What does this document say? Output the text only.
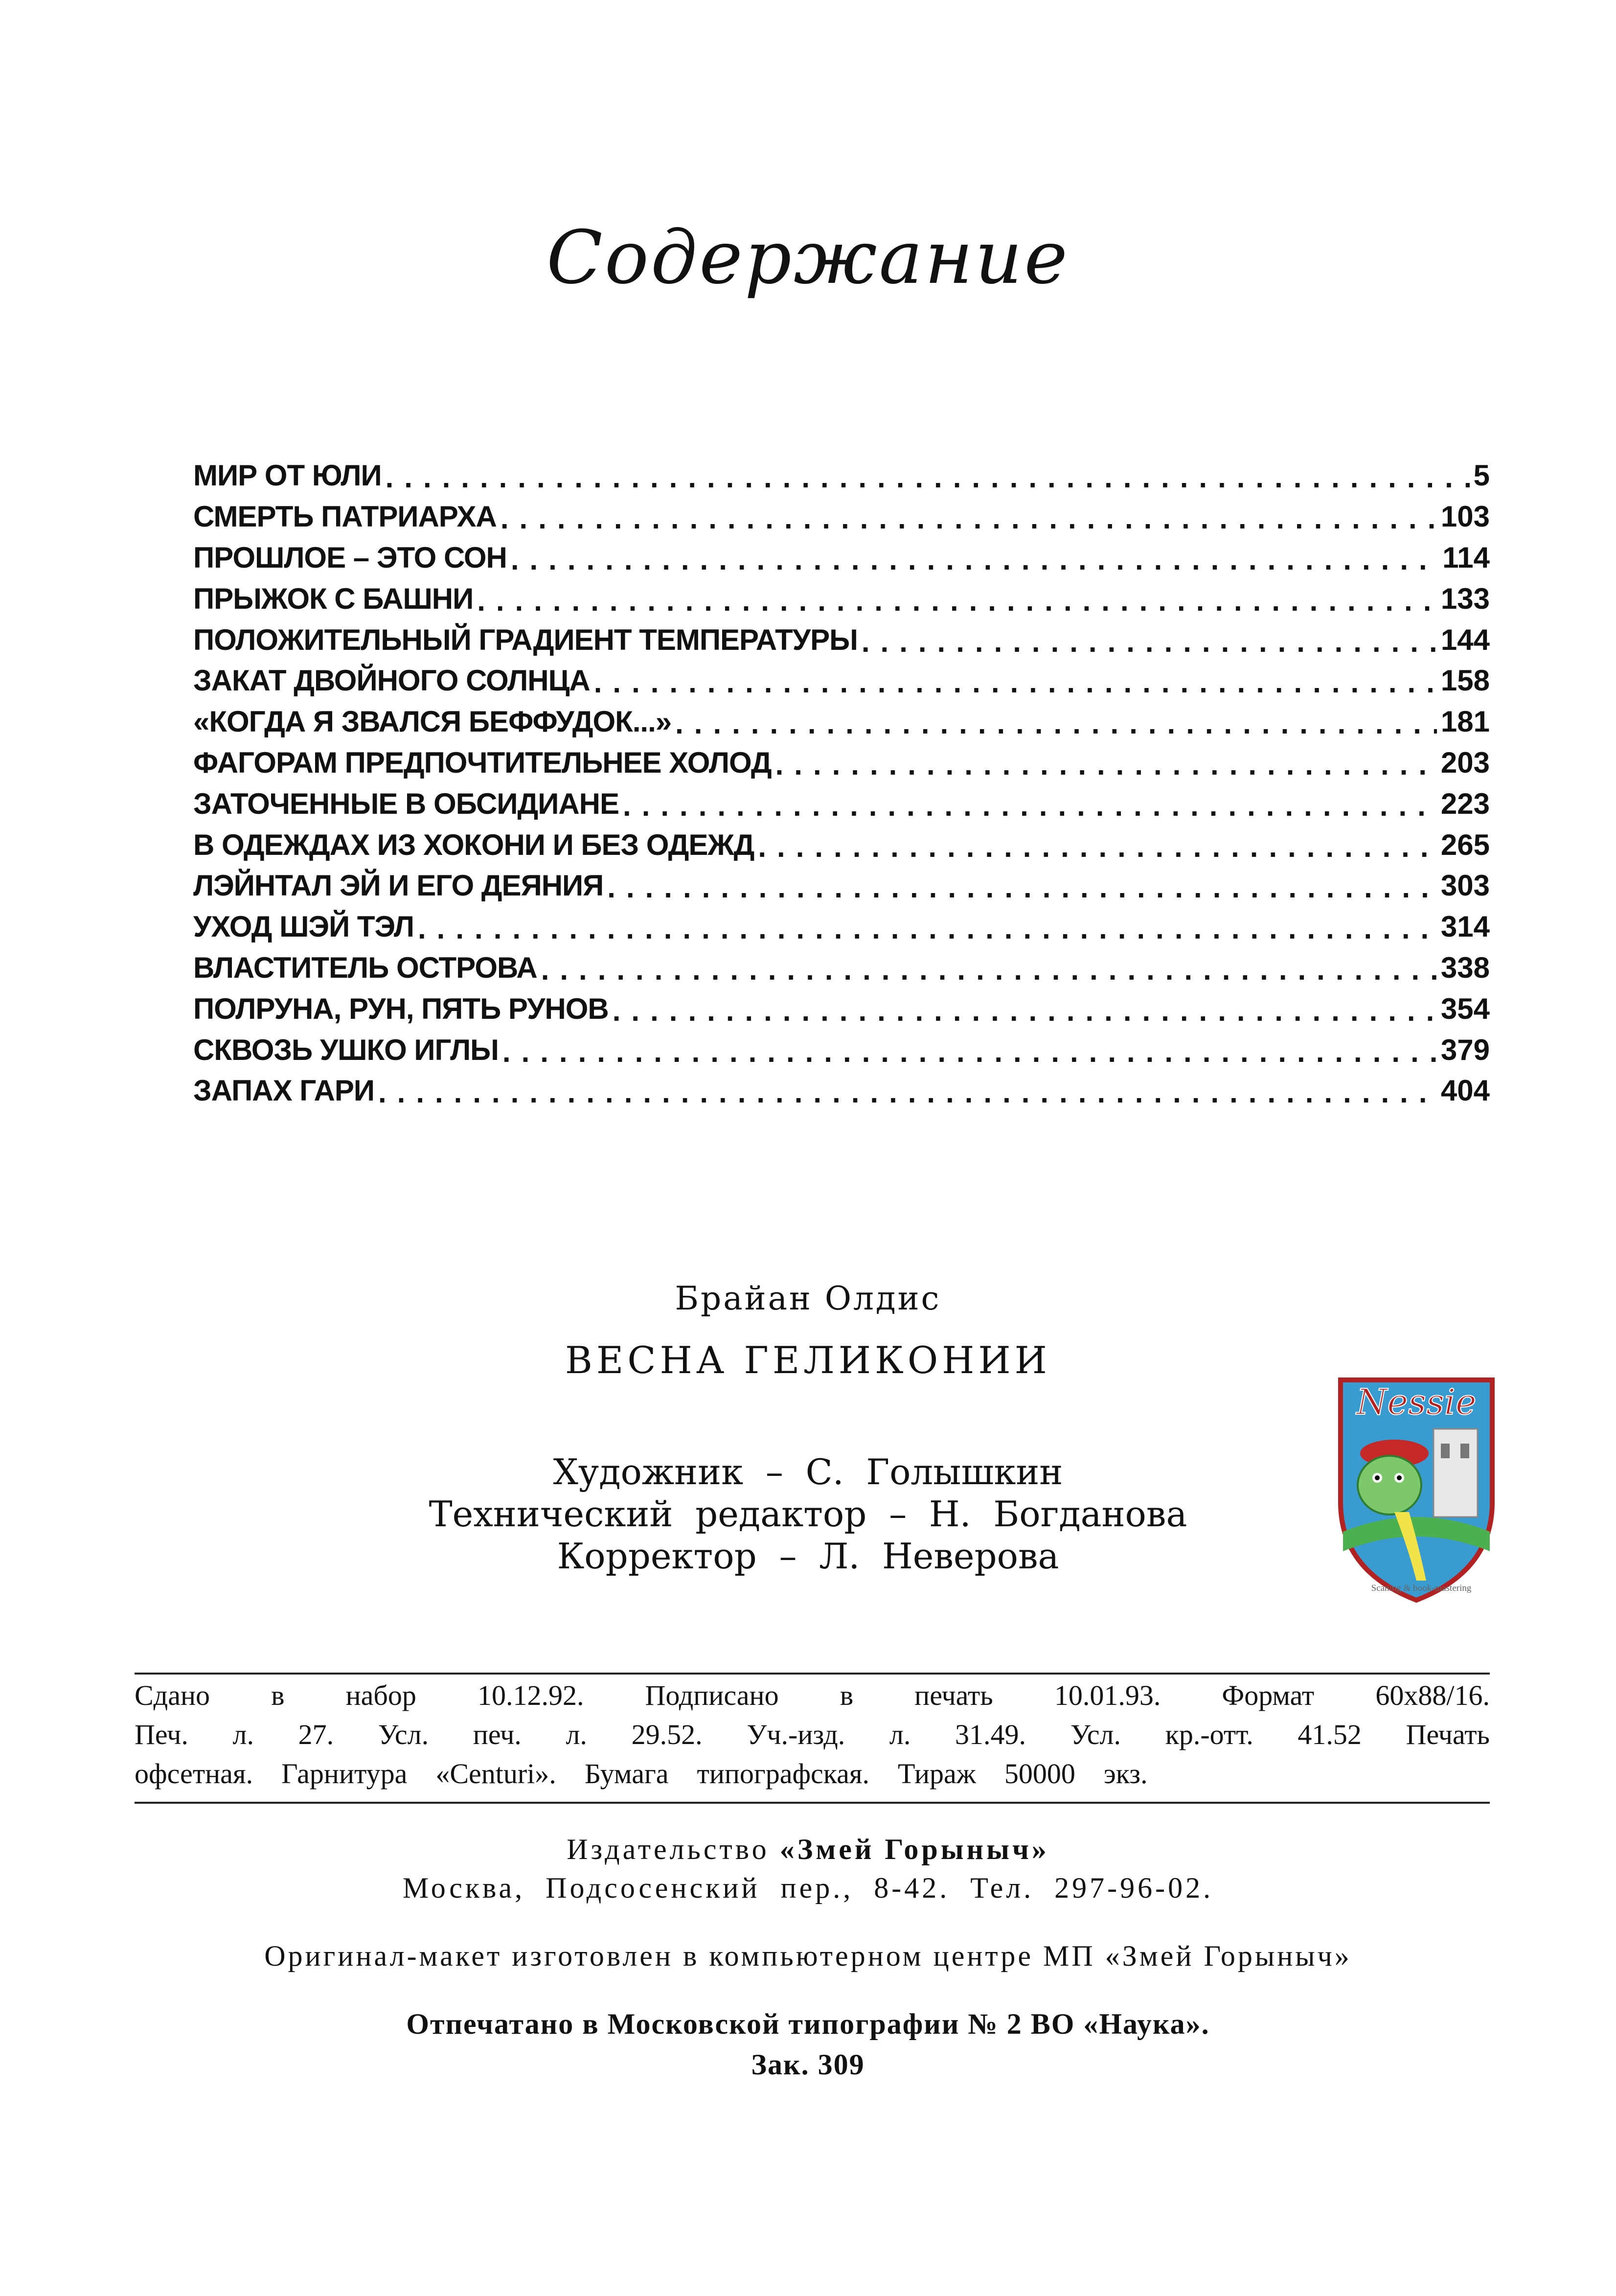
Содержание
МИР ОТ ЮЛИ .....	5
СМЕРТЬ ПАТРИАРХА .....	103
ПРОШЛОЕ – ЭТО СОН .....	114
ПРЫЖОК С БАШНИ .....	133
ПОЛОЖИТЕЛЬНЫЙ ГРАДИЕНТ ТЕМПЕРАТУРЫ .....	144
ЗАКАТ ДВОЙНОГО СОЛНЦА .....	158
«КОГДА Я ЗВАЛСЯ БЕФФУДОК...» .....	181
ФАГОРАМ ПРЕДПОЧТИТЕЛЬНЕЕ ХОЛОД .....	203
ЗАТОЧЕННЫЕ В ОБСИДИАНЕ .....	223
В ОДЕЖДАХ ИЗ ХОКОНИ И БЕЗ ОДЕЖД .....	265
ЛЭЙНТАЛ ЭЙ И ЕГО ДЕЯНИЯ .....	303
УХОД ШЭЙ ТЭЛ .....	314
ВЛАСТИТЕЛЬ ОСТРОВА .....	338
ПОЛРУНА, РУН, ПЯТЬ РУНОВ .....	354
СКВОЗЬ УШКО ИГЛЫ .....	379
ЗАПАХ ГАРИ .....	404
Брайан Олдис
ВЕСНА ГЕЛИКОНИИ
Художник  –  С.  Голышкин
Технический  редактор  –  Н.  Богданова
Корректор  –  Л.  Неверова
Nessie
Scaning & book-mastering
Сдано в набор 10.12.92. Подписано в печать 10.01.93. Формат 60x88/16.
Печ. л. 27. Усл. печ. л. 29.52. Уч.-изд. л. 31.49. Усл. кр.-отт. 41.52 Печать
офсетная. Гарнитура «Centuri». Бумага типографская. Тираж 50000 экз.
Издательство «Змей Горыныч»
Москва,  Подсосенский  пер.,  8-42.  Тел.  297-96-02.
Оригинал-макет изготовлен в компьютерном центре МП «Змей Горыныч»
Отпечатано в Московской типографии № 2 ВО «Наука».
Зак. 309
